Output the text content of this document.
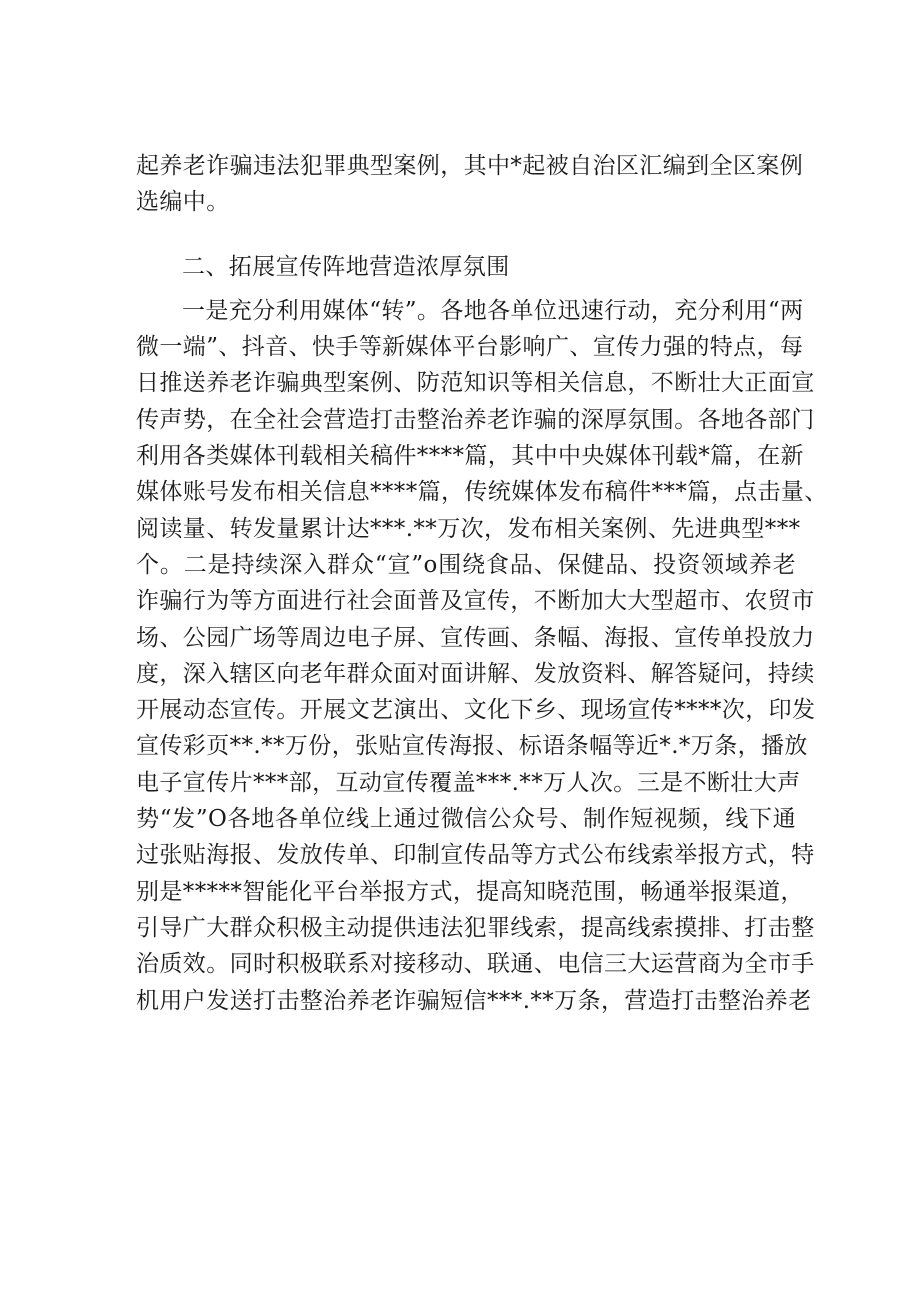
起养老诈骗违法犯罪典型案例，其中*起被自治区汇编到全区案例
选编中。
二、拓展宣传阵地营造浓厚氛围
一是充分利用媒体“转”。各地各单位迅速行动，充分利用“两
微一端”、抖音、快手等新媒体平台影响广、宣传力强的特点，每
日推送养老诈骗典型案例、防范知识等相关信息，不断壮大正面宣
传声势，在全社会营造打击整治养老诈骗的深厚氛围。各地各部门
利用各类媒体刊载相关稿件****篇，其中中央媒体刊载*篇，在新
媒体账号发布相关信息****篇，传统媒体发布稿件***篇，点击量、
阅读量、转发量累计达***.**万次，发布相关案例、先进典型***
个。二是持续深入群众“宣”o围绕食品、保健品、投资领域养老
诈骗行为等方面进行社会面普及宣传，不断加大大型超市、农贸市
场、公园广场等周边电子屏、宣传画、条幅、海报、宣传单投放力
度，深入辖区向老年群众面对面讲解、发放资料、解答疑问，持续
开展动态宣传。开展文艺演出、文化下乡、现场宣传****次，印发
宣传彩页**.**万份，张贴宣传海报、标语条幅等近*.*万条，播放
电子宣传片***部，互动宣传覆盖***.**万人次。三是不断壮大声
势“发”O各地各单位线上通过微信公众号、制作短视频，线下通
过张贴海报、发放传单、印制宣传品等方式公布线索举报方式，特
别是*****智能化平台举报方式，提高知晓范围，畅通举报渠道，
引导广大群众积极主动提供违法犯罪线索，提高线索摸排、打击整
治质效。同时积极联系对接移动、联通、电信三大运营商为全市手
机用户发送打击整治养老诈骗短信***.**万条，营造打击整治养老
